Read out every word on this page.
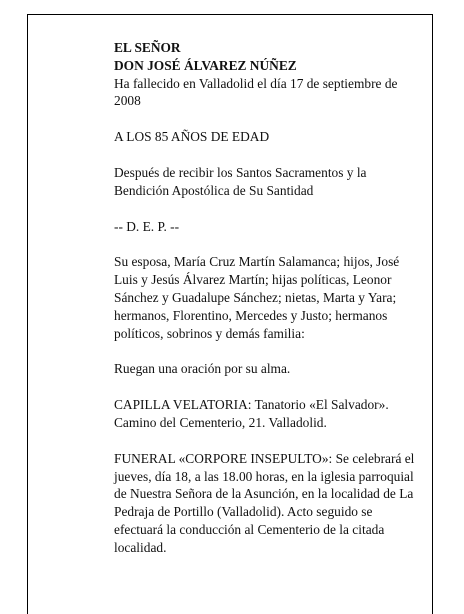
EL SEÑOR
DON JOSÉ ÁLVAREZ NÚÑEZ
Ha fallecido en Valladolid el día 17 de septiembre de 2008

A LOS 85 AÑOS DE EDAD

Después de recibir los Santos Sacramentos y la Bendición Apostólica de Su Santidad

-- D. E. P. --

Su esposa, María Cruz Martín Salamanca; hijos, José Luis y Jesús Álvarez Martín; hijas políticas, Leonor Sánchez y Guadalupe Sánchez; nietas, Marta y Yara; hermanos, Florentino, Mercedes y Justo; hermanos políticos, sobrinos y demás familia:

Ruegan una oración por su alma.

CAPILLA VELATORIA: Tanatorio «El Salvador». Camino del Cementerio, 21. Valladolid.

FUNERAL «CORPORE INSEPULTO»: Se celebrará el jueves, día 18, a las 18.00 horas, en la iglesia parroquial de Nuestra Señora de la Asunción, en la localidad de La Pedraja de Portillo (Valladolid). Acto seguido se efectuará la conducción al Cementerio de la citada localidad.
